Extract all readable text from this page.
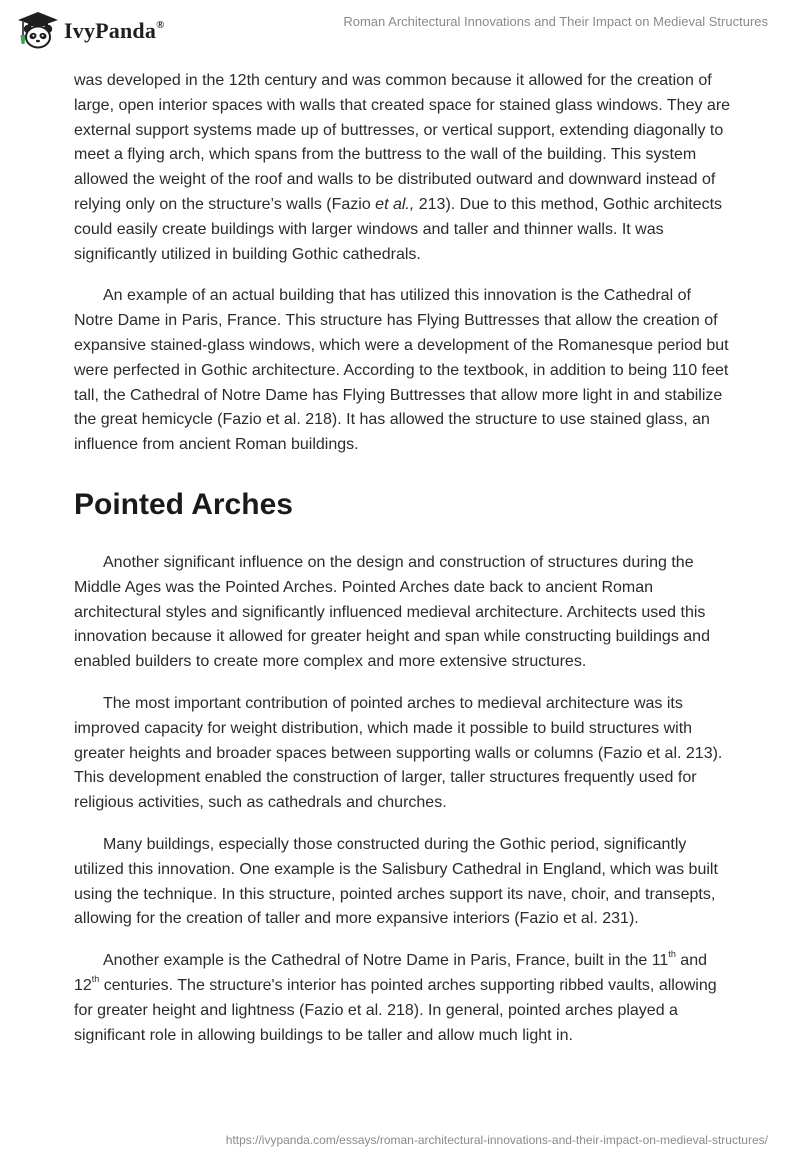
IvyPanda®	Roman Architectural Innovations and Their Impact on Medieval Structures

was developed in the 12th century and was common because it allowed for the creation of large, open interior spaces with walls that created space for stained glass windows. They are external support systems made up of buttresses, or vertical support, extending diagonally to meet a flying arch, which spans from the buttress to the wall of the building. This system allowed the weight of the roof and walls to be distributed outward and downward instead of relying only on the structure’s walls (Fazio et al., 213). Due to this method, Gothic architects could easily create buildings with larger windows and taller and thinner walls. It was significantly utilized in building Gothic cathedrals.

An example of an actual building that has utilized this innovation is the Cathedral of Notre Dame in Paris, France. This structure has Flying Buttresses that allow the creation of expansive stained-glass windows, which were a development of the Romanesque period but were perfected in Gothic architecture. According to the textbook, in addition to being 110 feet tall, the Cathedral of Notre Dame has Flying Buttresses that allow more light in and stabilize the great hemicycle (Fazio et al. 218). It has allowed the structure to use stained glass, an influence from ancient Roman buildings.

Pointed Arches

Another significant influence on the design and construction of structures during the Middle Ages was the Pointed Arches. Pointed Arches date back to ancient Roman architectural styles and significantly influenced medieval architecture. Architects used this innovation because it allowed for greater height and span while constructing buildings and enabled builders to create more complex and more extensive structures.

The most important contribution of pointed arches to medieval architecture was its improved capacity for weight distribution, which made it possible to build structures with greater heights and broader spaces between supporting walls or columns (Fazio et al. 213). This development enabled the construction of larger, taller structures frequently used for religious activities, such as cathedrals and churches.

Many buildings, especially those constructed during the Gothic period, significantly utilized this innovation. One example is the Salisbury Cathedral in England, which was built using the technique. In this structure, pointed arches support its nave, choir, and transepts, allowing for the creation of taller and more expansive interiors (Fazio et al. 231).

Another example is the Cathedral of Notre Dame in Paris, France, built in the 11th and 12th centuries. The structure's interior has pointed arches supporting ribbed vaults, allowing for greater height and lightness (Fazio et al. 218). In general, pointed arches played a significant role in allowing buildings to be taller and allow much light in.

https://ivypanda.com/essays/roman-architectural-innovations-and-their-impact-on-medieval-structures/
